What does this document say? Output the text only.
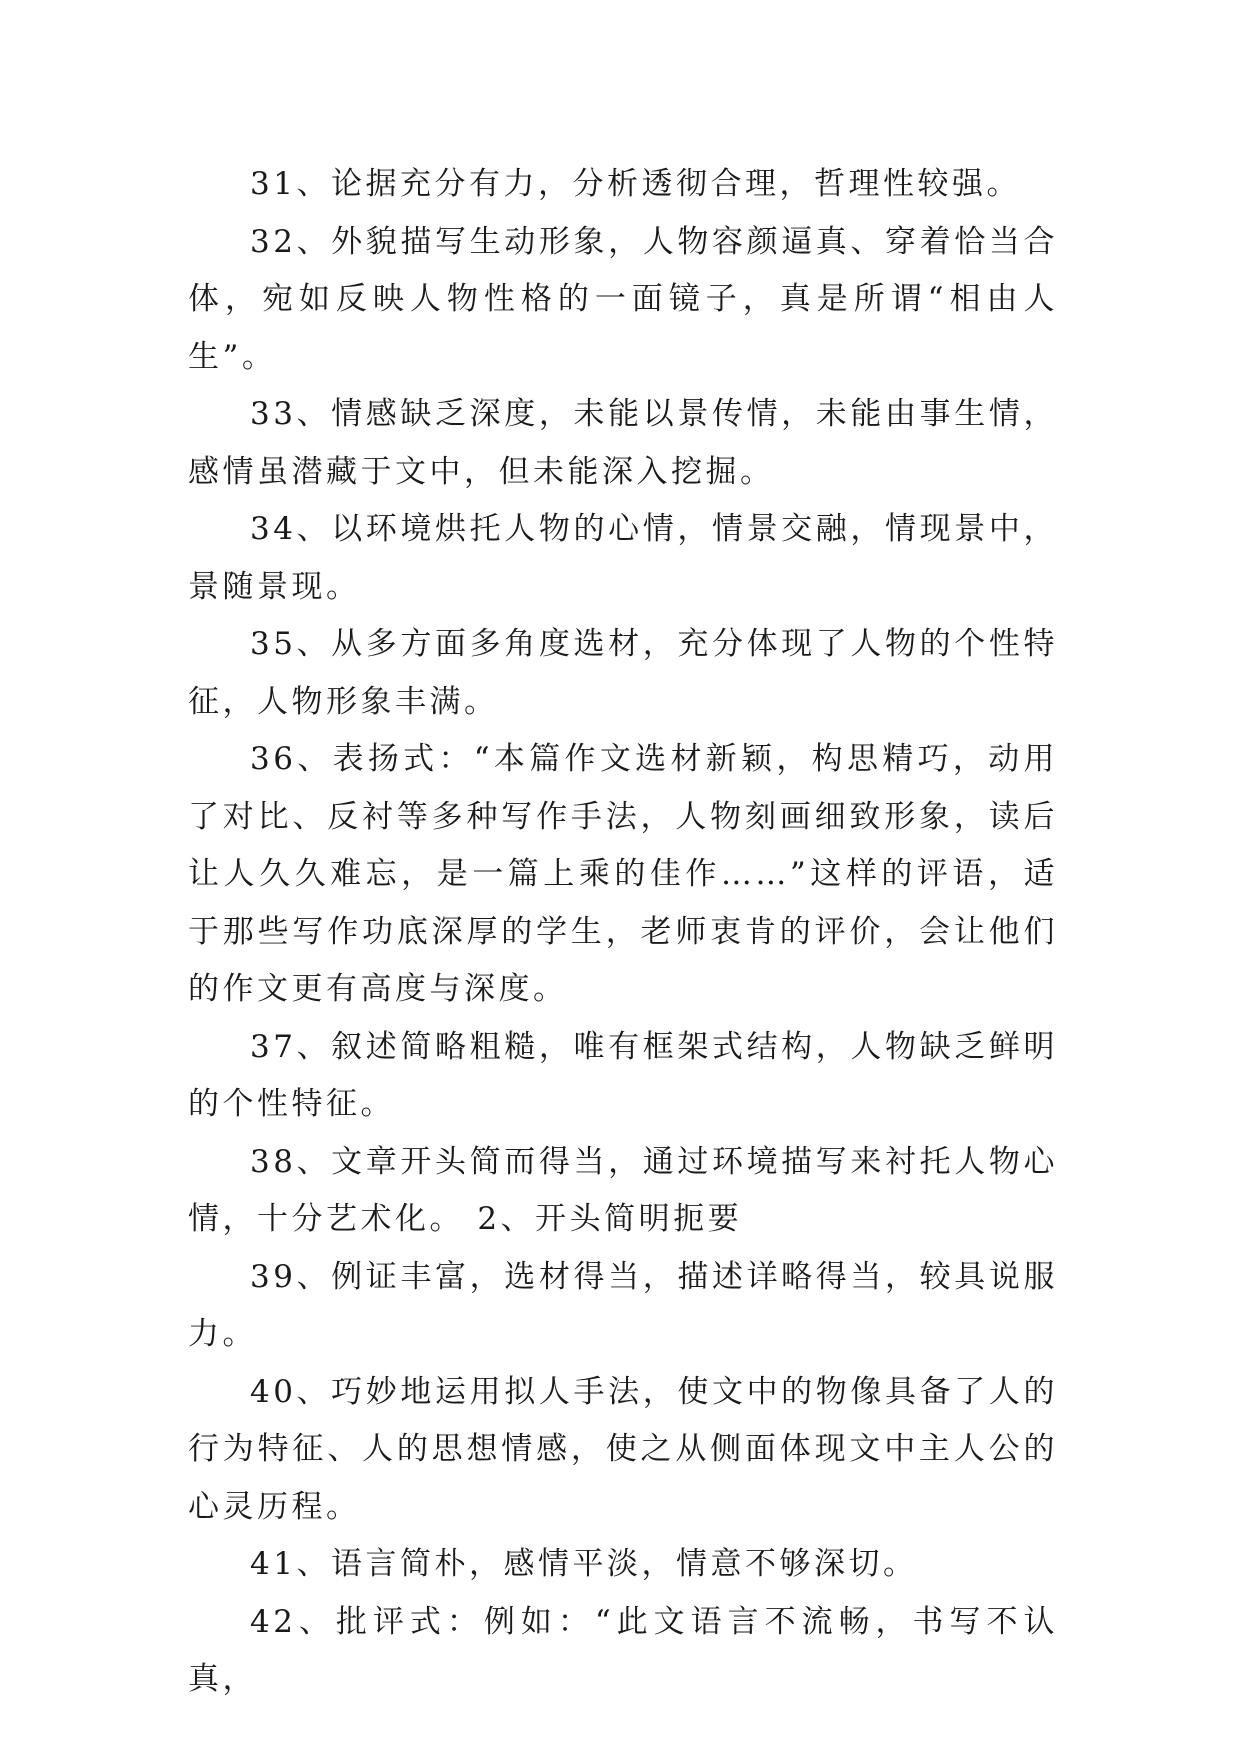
31、论据充分有力，分析透彻合理，哲理性较强。

32、外貌描写生动形象，人物容颜逼真、穿着恰当合体，宛如反映人物性格的一面镜子，真是所谓“相由人生”。

33、情感缺乏深度，未能以景传情，未能由事生情，感情虽潜藏于文中，但未能深入挖掘。

34、以环境烘托人物的心情，情景交融，情现景中，景随景现。

35、从多方面多角度选材，充分体现了人物的个性特征，人物形象丰满。

36、表扬式：“本篇作文选材新颖，构思精巧，动用了对比、反衬等多种写作手法，人物刻画细致形象，读后让人久久难忘，是一篇上乘的佳作……”这样的评语，适于那些写作功底深厚的学生，老师衷肯的评价，会让他们的作文更有高度与深度。

37、叙述简略粗糙，唯有框架式结构，人物缺乏鲜明的个性特征。

38、文章开头简而得当，通过环境描写来衬托人物心情，十分艺术化。 2、开头简明扼要

39、例证丰富，选材得当，描述详略得当，较具说服力。

40、巧妙地运用拟人手法，使文中的物像具备了人的行为特征、人的思想情感，使之从侧面体现文中主人公的心灵历程。

41、语言简朴，感情平淡，情意不够深切。

42、批评式：例如：“此文语言不流畅，书写不认真，
